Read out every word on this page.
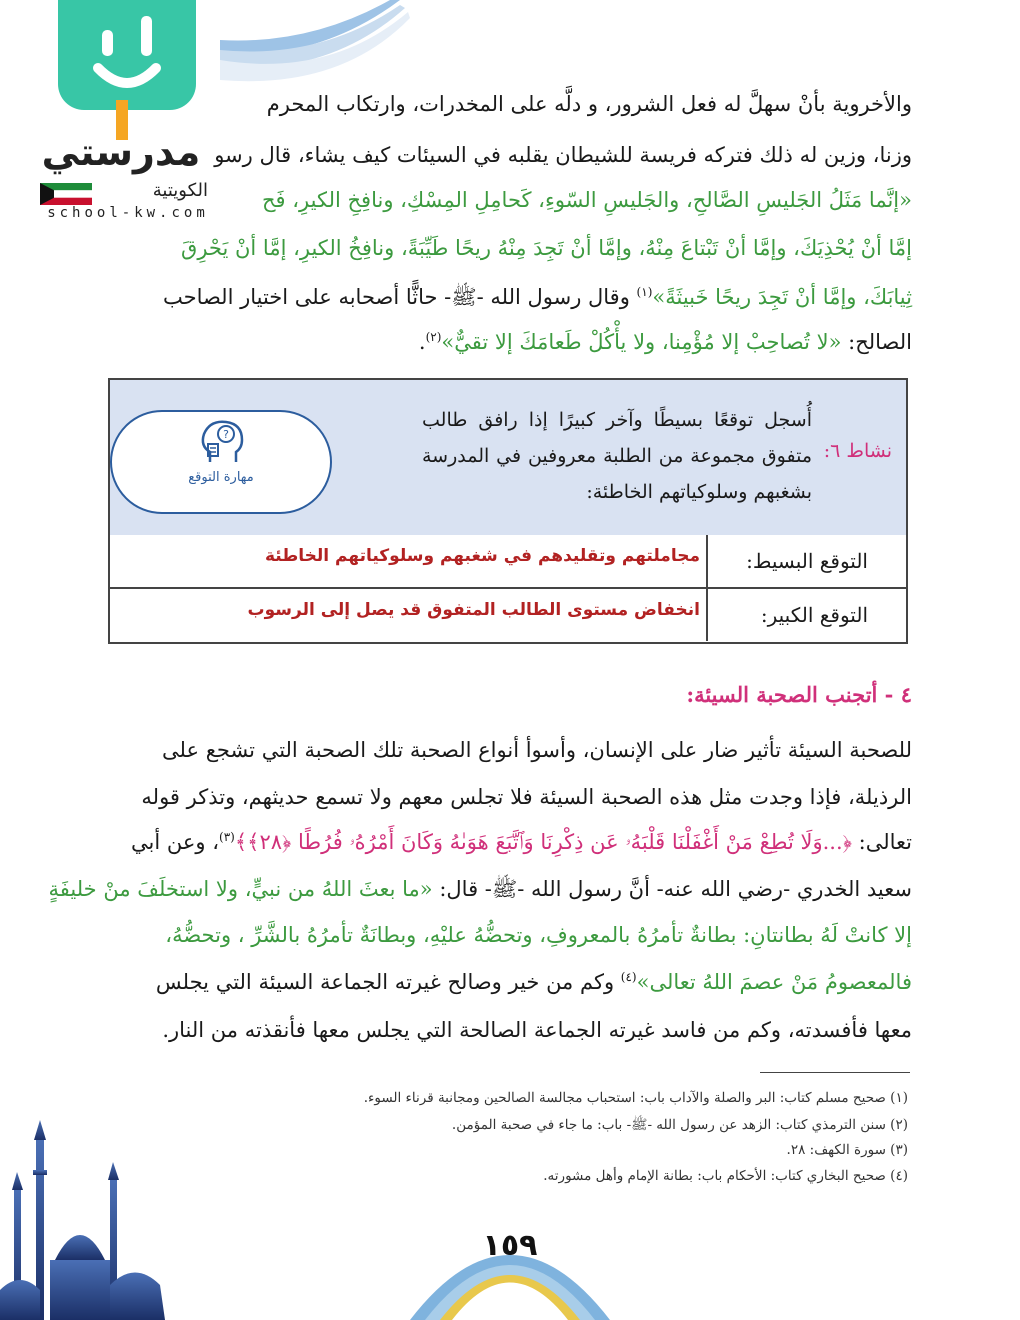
مدرستي
الكويتية
school-kw.com
والأخروية بأنْ سهلَّ له فعل الشرور، و دلَّه على المخدرات، وارتكاب المحرم
وزنا، وزين له ذلك فتركه فريسة للشيطان يقلبه في السيئات كيف يشاء، قال رسو
«إنَّما مَثَلُ الجَليسِ الصَّالحِ، والجَليسِ السّوءِ، كَحامِلِ المِسْكِ، ونافِخِ الكيرِ، فَح
إمَّا أنْ يُحْذِيَكَ، وإمَّا أنْ تَبْتاعَ مِنْهُ، وإمَّا أنْ تَجِدَ مِنْهُ ريحًا طَيِّبَةً، ونافِخُ الكيرِ، إمَّا أنْ يَحْرِقَ
ثِيابَكَ، وإمَّا أنْ تَجِدَ ريحًا خَبيثَةً»$^{(١)}$ وقال رسول الله -ﷺ- حاثًّا أصحابه على اختيار الصاحب
الصالح: «لا تُصاحِبْ إلا مُؤْمِنا، ولا يأْكُلْ طَعامَكَ إلا تقيٌّ»$^{(٢)}$.
نشاط ٦:
أُسجل توقعًا بسيطًا وآخر كبيرًا إذا رافق طالب متفوق مجموعة من الطلبة معروفين في المدرسة بشغبهم وسلوكياتهم الخاطئة:
?
مهارة التوقع
التوقع البسيط:
مجاملتهم وتقليدهم في شغبهم وسلوكياتهم الخاطئة
التوقع الكبير:
انخفاض مستوى الطالب المتفوق قد يصل إلى الرسوب
٤ - أتجنب الصحبة السيئة:
للصحبة السيئة تأثير ضار على الإنسان، وأسوأ أنواع الصحبة تلك الصحبة التي تشجع على
الرذيلة، فإذا وجدت مثل هذه الصحبة السيئة فلا تجلس معهم ولا تسمع حديثهم، وتذكر قوله
تعالى: ﴿...وَلَا تُطِعْ مَنْ أَغْفَلْنَا قَلْبَهُۥ عَن ذِكْرِنَا وَٱتَّبَعَ هَوَىٰهُ وَكَانَ أَمْرُهُۥ فُرُطًا ﴿٢٨﴾﴾$^{(٣)}$، وعن أبي
سعيد الخدري -رضي الله عنه- أنَّ رسول الله -ﷺ- قال: «ما بعثَ اللهُ من نبيٍّ، ولا استخلَفَ منْ خليفَةٍ
إلا كانتْ لَهُ بطانتانِ: بطانةٌ تأمرُهُ بالمعروفِ، وتحضُّهُ عليْهِ، وبطانَةٌ تأمرُهُ بالشَّرِّ ، وتحضُّهُ،
فالمعصومُ مَنْ عصمَ اللهُ تعالى»$^{(٤)}$ وكم من خير وصالح غيرته الجماعة السيئة التي يجلس
معها فأفسدته، وكم من فاسد غيرته الجماعة الصالحة التي يجلس معها فأنقذته من النار.
(١) صحيح مسلم كتاب: البر والصلة والآداب باب: استحباب مجالسة الصالحين ومجانبة قرناء السوء.
(٢) سنن الترمذي كتاب: الزهد عن رسول الله -ﷺ- باب: ما جاء في صحبة المؤمن.
(٣) سورة الكهف: ٢٨.
(٤) صحيح البخاري كتاب: الأحكام باب: بطانة الإمام وأهل مشورته.
١٥٩
